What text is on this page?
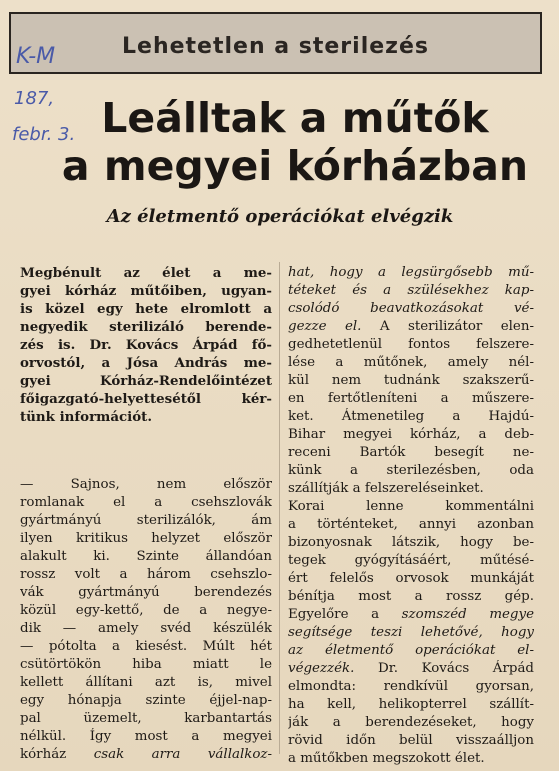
Lehetetlen a sterilezés
K-M
187,
febr. 3. Leálltak a műtők
a megyei kórházban
Az életmentő operációkat elvégzik
Megbénult az élet a me-
gyei kórház műtőiben, ugyan-
is közel egy hete elromlott a
negyedik sterilizáló berende-
zés is. Dr. Kovács Árpád fő-
orvostól, a Jósa András me-
gyei Kórház-Rendelőintézet
főigazgató-helyettesétől kér-
tünk információt.
— Sajnos, nem először
romlanak el a csehszlovák
gyártmányú sterilizálók, ám
ilyen kritikus helyzet először
alakult ki. Szinte állandóan
rossz volt a három csehszlo-
vák gyártmányú berendezés
közül egy-kettő, de a negye-
dik — amely svéd készülék
— pótolta a kiesést. Múlt hét
csütörtökön hiba miatt le
kellett állítani azt is, mivel
egy hónapja szinte éjjel-nap-
pal üzemelt, karbantartás
nélkül. Így most a megyei
kórház csak arra vállalkoz-
hat, hogy a legsürgősebb mű-
téteket és a szülésekhez kap-
csolódó beavatkozásokat vé-
gezze el. A sterilizátor elen-
gedhetetlenül fontos felszere-
lése a műtőnek, amely nél-
kül nem tudnánk szakszerű-
en fertőtleníteni a műszere-
ket. Átmenetileg a Hajdú-
Bihar megyei kórház, a deb-
receni Bartók besegít ne-
künk a sterilezésben, oda
szállítják a felszereléseinket.
Korai lenne kommentálni
a történteket, annyi azonban
bizonyosnak látszik, hogy be-
tegek gyógyításáért, műtésé-
ért felelős orvosok munkáját
bénítja most a rossz gép.
Egyelőre a szomszéd megye
segítsége teszi lehetővé, hogy
az életmentő operációkat el-
végezzék. Dr. Kovács Árpád
elmondta: rendkívül gyorsan,
ha kell, helikopterrel szállít-
ják a berendezéseket, hogy
rövid időn belül visszaálljon
a műtőkben megszokott élet.
